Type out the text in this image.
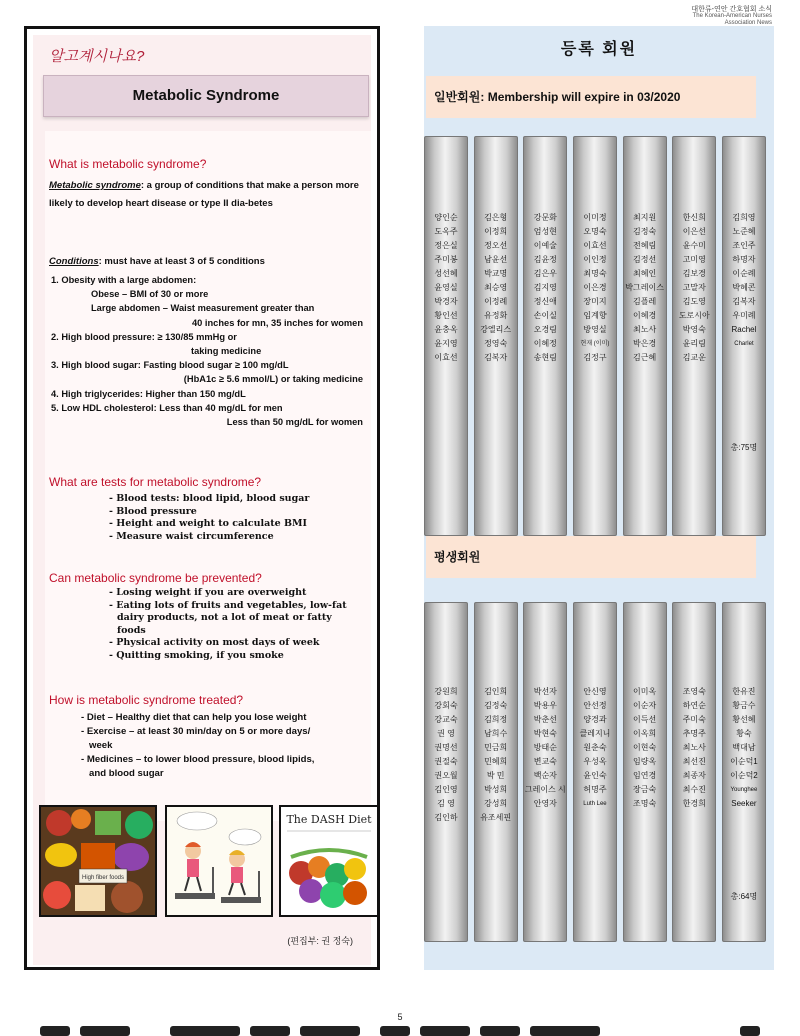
대한류-연안 간호협회 소식
The Korean-American Nurses Association News
알고계시나요?
Metabolic Syndrome
What is metabolic syndrome?
Metabolic syndrome: a group of conditions that make a person more likely to develop heart disease or type II dia-betes
Conditions: must have at least 3 of 5 conditions
1. Obesity with a large abdomen:
Obese – BMI of 30 or more
Large abdomen – Waist measurement greater than
40 inches for mn, 35 inches for women
2. High blood pressure: ≥ 130/85 mmHg or
taking medicine
3. High blood sugar: Fasting blood sugar ≥ 100 mg/dL
(HbA1c ≥ 5.6 mmol/L) or taking medicine
4. High triglycerides: Higher than 150 mg/dL
5. Low HDL cholesterol: Less than 40 mg/dL for men
Less than 50 mg/dL for women
What are tests for metabolic syndrome?
- Blood tests: blood lipid, blood sugar
- Blood pressure
- Height and weight to calculate BMI
- Measure waist circumference
Can metabolic syndrome be prevented?
- Losing weight if you are overweight
- Eating lots of fruits and vegetables, low-fat
dairy products, not a lot of meat or fatty
foods
- Physical activity on most days of week
- Quitting smoking, if you smoke
How is metabolic syndrome treated?
- Diet – Healthy diet that can help you lose weight
- Exercise – at least 30 min/day on 5 or more days/
week
- Medicines – to lower blood pressure, blood lipids,
and blood sugar
High fiber foods
The DASH Diet
(편집부: 권 정숙)
등록 회원
일반회원: Membership will expire in 03/2020
양인순
도옥주
정은실
주미봉
성선혜
윤영실
박경자
황인선
윤충옥
윤지영
이효선
김은형
이정희
정오선
남윤선
박교명
최승영
이정례
유정화
강엘리스
정영숙
김복자
강문화
엄성현
이예술
김윤정
김은우
김지영
정신애
손이실
오경림
이혜정
송현림
이미정
오명숙
이효선
이인정
최명숙
이은경
장미지
임계향
방영실
현재 (이미)
김정구
최지원
김정숙
전혜림
김정선
최혜인
박그레이스
김플레
이혜경
최노사
박은경
김근혜
한신희
이은선
윤수미
고미영
김보경
고말자
김도영
도로시아
박영숙
윤리림
김교운
김희영
노준혜
조인주
하명자
이순례
박혜콘
김복자
우미례
Rachel
Charlet
총:75명
평생회원
강원희
강회숙
강교숙
권 영
권명선
권절숙
권오월
김인영
김 영
김인하
김인희
김정숙
김희정
남희수
민금희
민혜희
박 민
박성희
강성희
유조세핀
박선자
박용우
박춘선
박현숙
방태순
변교숙
백순자
그레이스 시
안영자
안신영
안선정
양경과
클레지니
원춘숙
우성옥
윤인숙
허명주
Luth Lee
이미옥
이순자
이득선
이옥희
이현숙
임량옥
임연경
장금숙
조명숙
조영숙
하연순
주미숙
추명주
최노사
최선진
최종자
최수진
한경희
한유진
황금수
황선혜
황숙
백대남
이순덕1
이순덕2
Younghee
Seeker
총:64명
5
